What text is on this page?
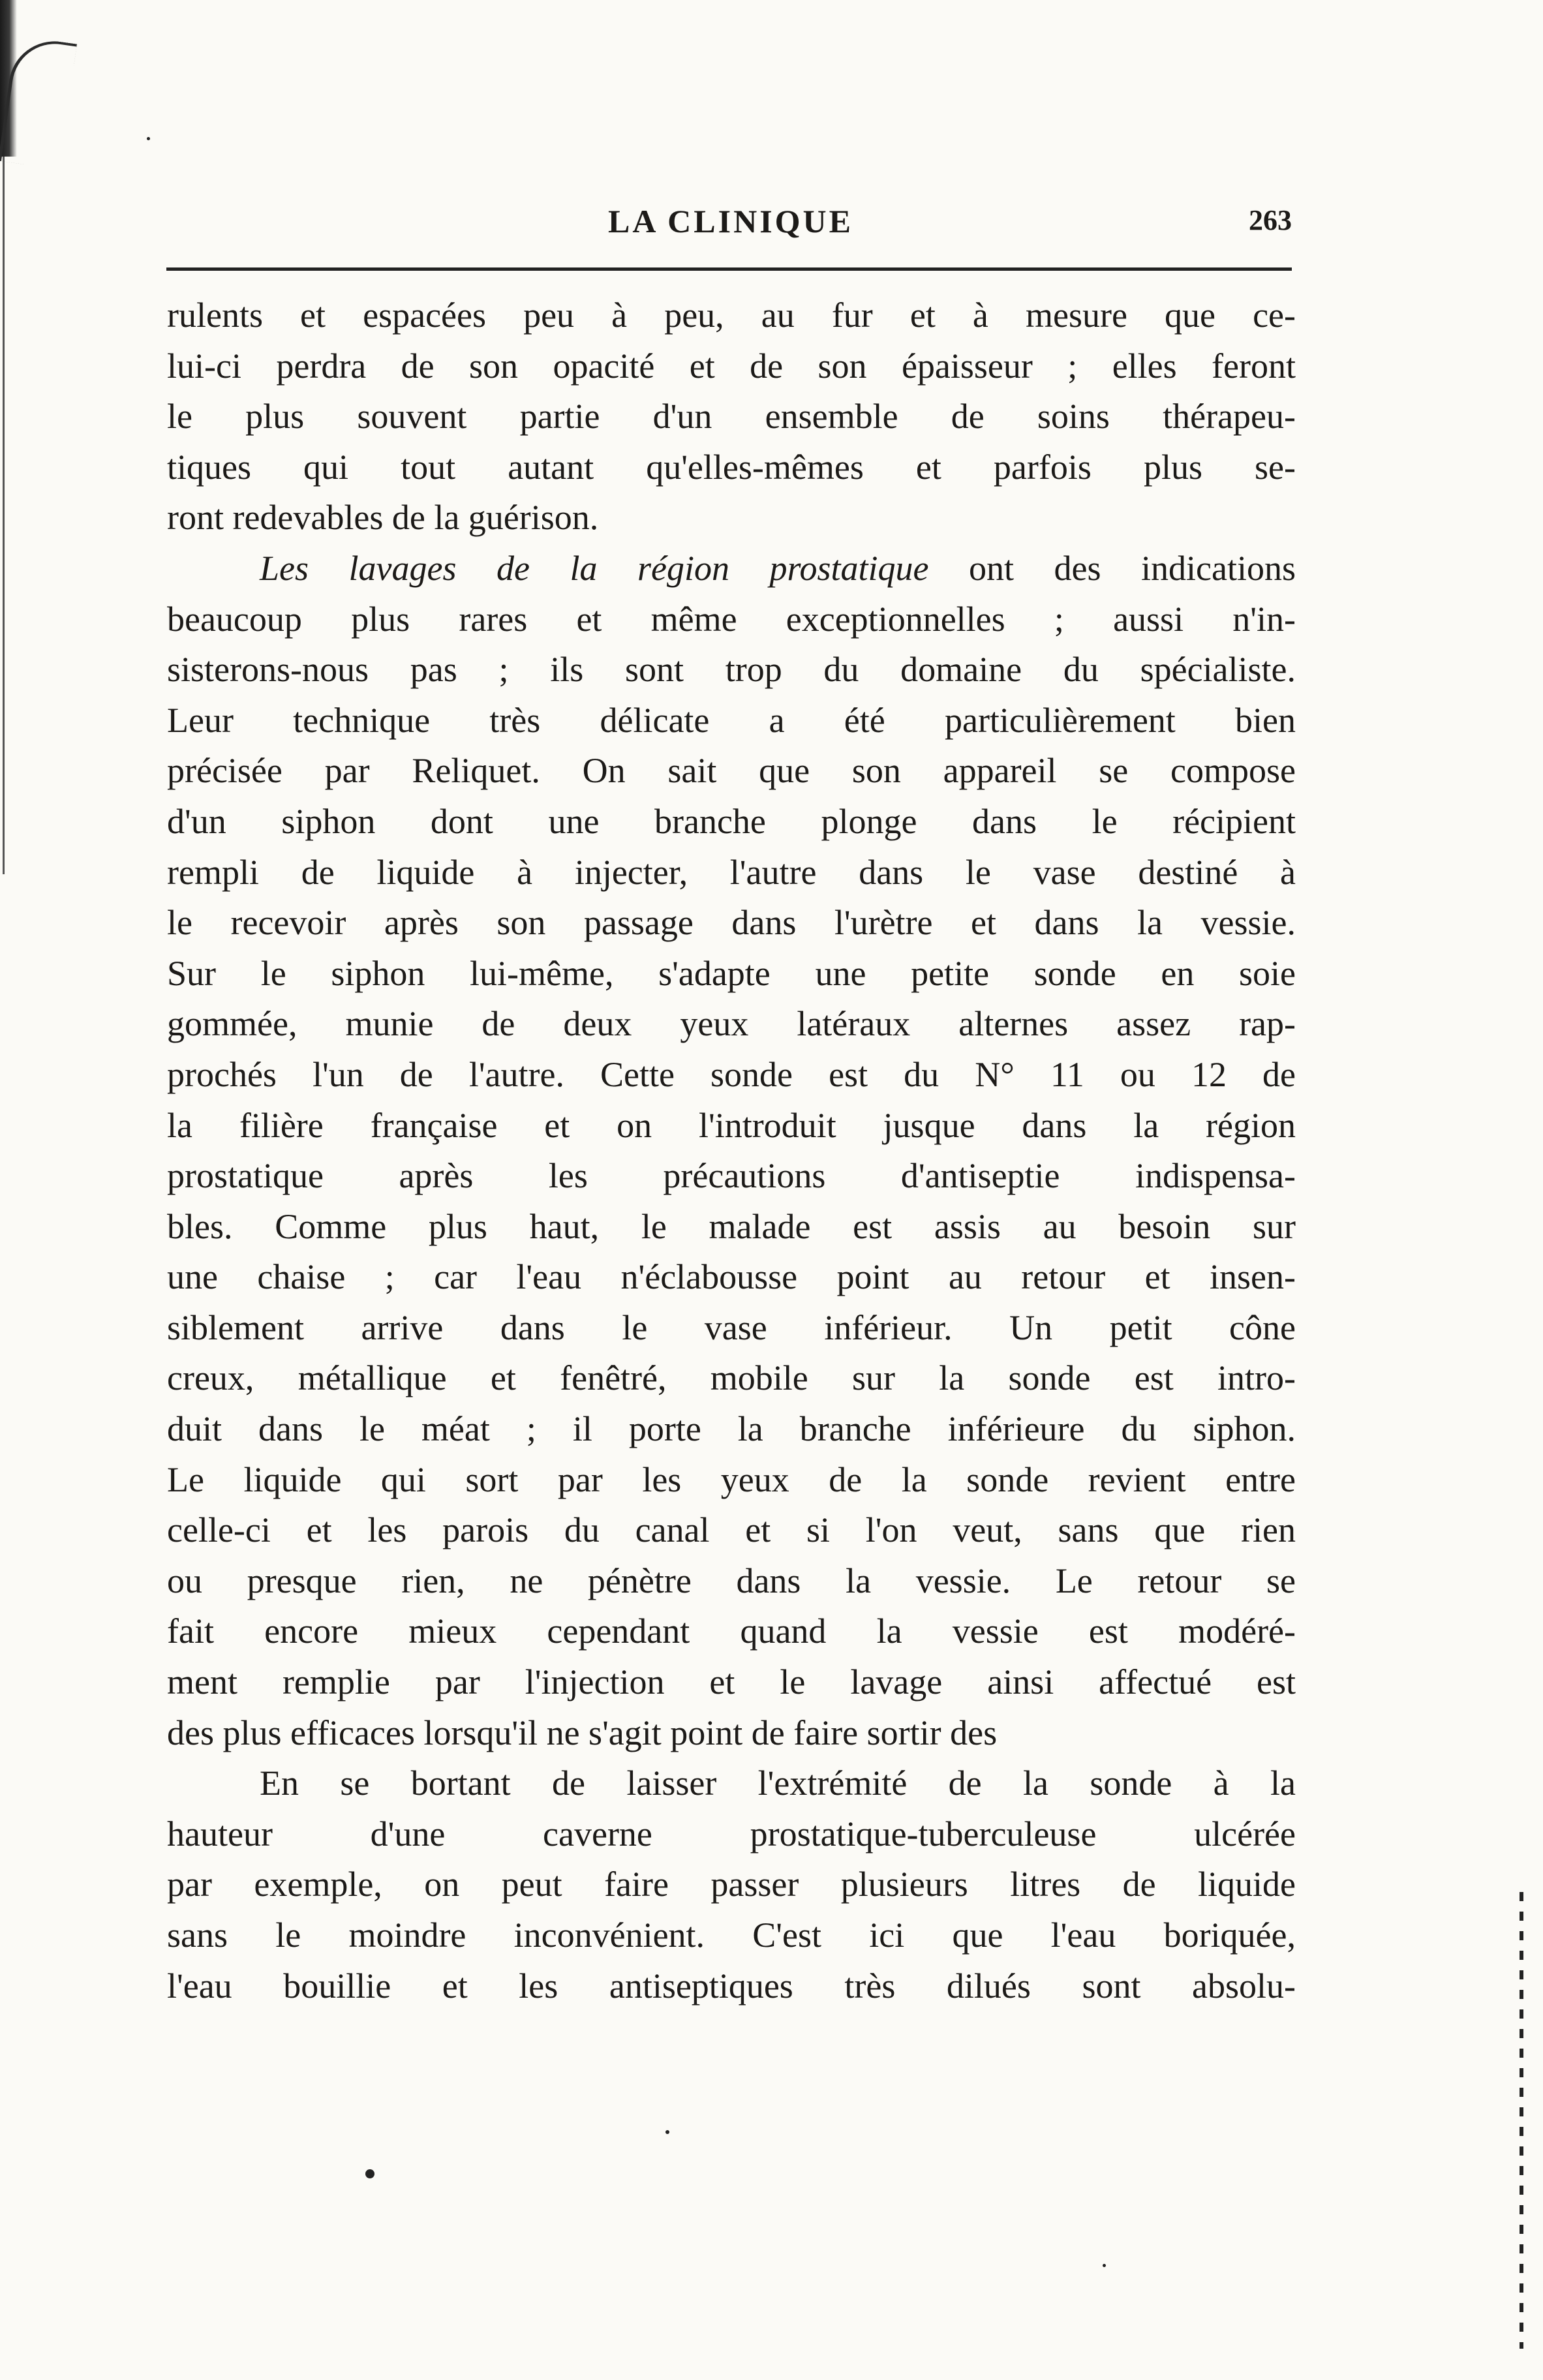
LA CLINIQUE	263
rulents et espacées peu à peu, au fur et à mesure que ce-
lui-ci perdra de son opacité et de son épaisseur ; elles feront
le plus souvent partie d'un ensemble de soins thérapeu-
tiques qui tout autant qu'elles-mêmes et parfois plus se-
ront redevables de la guérison.
Les lavages de la région prostatique ont des indications
beaucoup plus rares et même exceptionnelles ; aussi n'in-
sisterons-nous pas ; ils sont trop du domaine du spécialiste.
Leur technique très délicate a été particulièrement bien
précisée par Reliquet. On sait que son appareil se compose
d'un siphon dont une branche plonge dans le récipient
rempli de liquide à injecter, l'autre dans le vase destiné à
le recevoir après son passage dans l'urètre et dans la vessie.
Sur le siphon lui-même, s'adapte une petite sonde en soie
gommée, munie de deux yeux latéraux alternes assez rap-
prochés l'un de l'autre. Cette sonde est du N° 11 ou 12 de
la filière française et on l'introduit jusque dans la région
prostatique après les précautions d'antiseptie indispensa-
bles. Comme plus haut, le malade est assis au besoin sur
une chaise ; car l'eau n'éclabousse point au retour et insen-
siblement arrive dans le vase inférieur. Un petit cône
creux, métallique et fenêtré, mobile sur la sonde est intro-
duit dans le méat ; il porte la branche inférieure du siphon.
Le liquide qui sort par les yeux de la sonde revient entre
celle-ci et les parois du canal et si l'on veut, sans que rien
ou presque rien, ne pénètre dans la vessie. Le retour se
fait encore mieux cependant quand la vessie est modéré-
ment remplie par l'injection et le lavage ainsi affectué est
des plus efficaces lorsqu'il ne s'agit point de faire sortir des
En se bortant de laisser l'extrémité de la sonde à la
hauteur d'une caverne prostatique-tuberculeuse ulcérée
par exemple, on peut faire passer plusieurs litres de liquide
sans le moindre inconvénient. C'est ici que l'eau boriquée,
l'eau bouillie et les antiseptiques très dilués sont absolu-
